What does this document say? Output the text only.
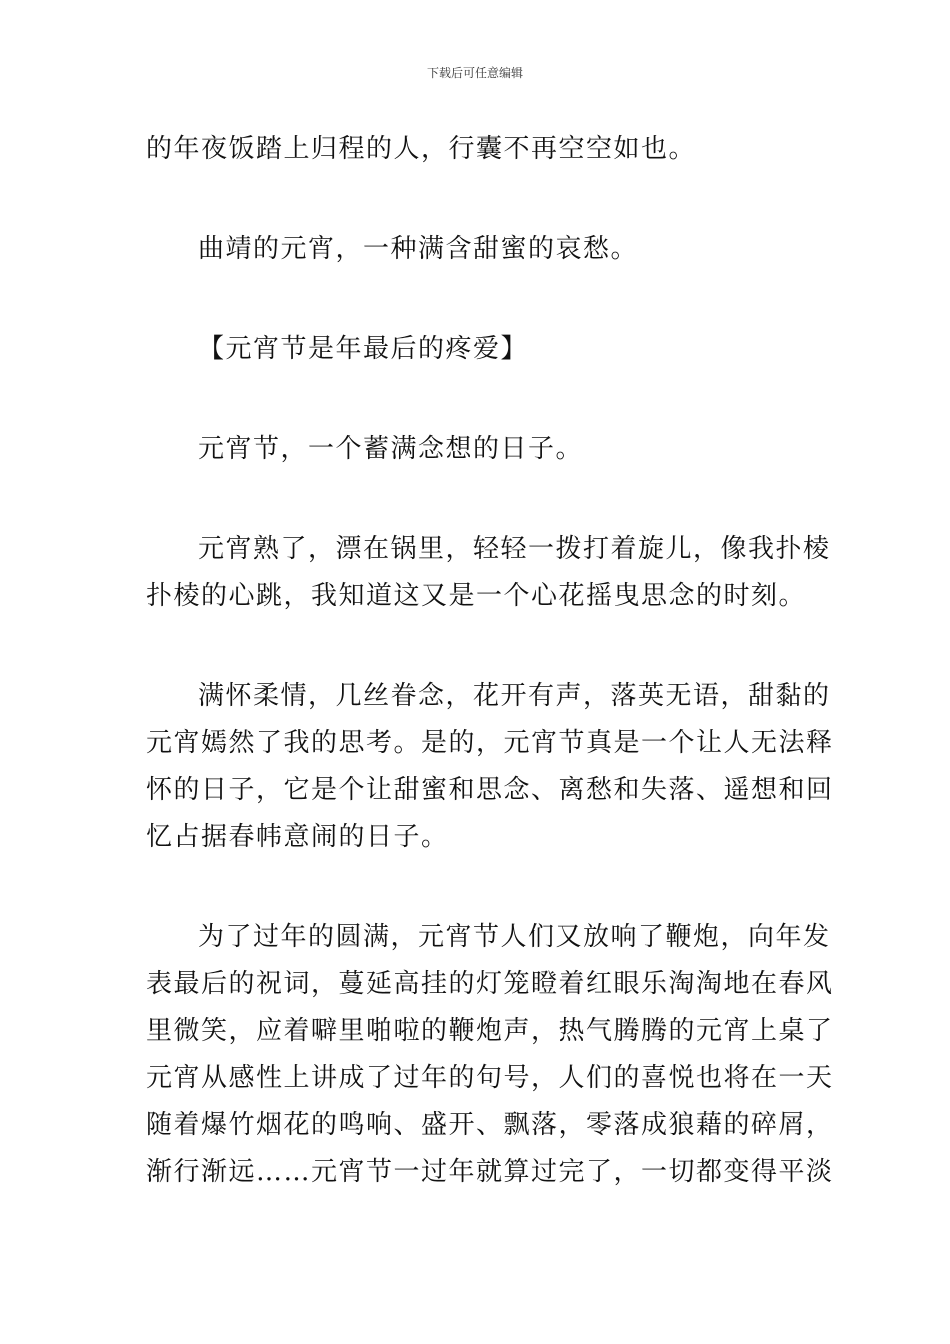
下载后可任意编辑

的年夜饭踏上归程的人，行囊不再空空如也。

曲靖的元宵，一种满含甜蜜的哀愁。

【元宵节是年最后的疼爱】

元宵节，一个蓄满念想的日子。

元宵熟了，漂在锅里，轻轻一拨打着旋儿，像我扑棱
扑棱的心跳，我知道这又是一个心花摇曳思念的时刻。

满怀柔情，几丝眷念，花开有声，落英无语，甜黏的
元宵嫣然了我的思考。是的，元宵节真是一个让人无法释
怀的日子，它是个让甜蜜和思念、离愁和失落、遥想和回
忆占据春帏意闹的日子。

为了过年的圆满，元宵节人们又放响了鞭炮，向年发
表最后的祝词，蔓延高挂的灯笼瞪着红眼乐淘淘地在春风
里微笑，应着噼里啪啦的鞭炮声，热气腾腾的元宵上桌了
元宵从感性上讲成了过年的句号，人们的喜悦也将在一天
随着爆竹烟花的鸣响、盛开、飘落，零落成狼藉的碎屑，
渐行渐远……元宵节一过年就算过完了，一切都变得平淡
